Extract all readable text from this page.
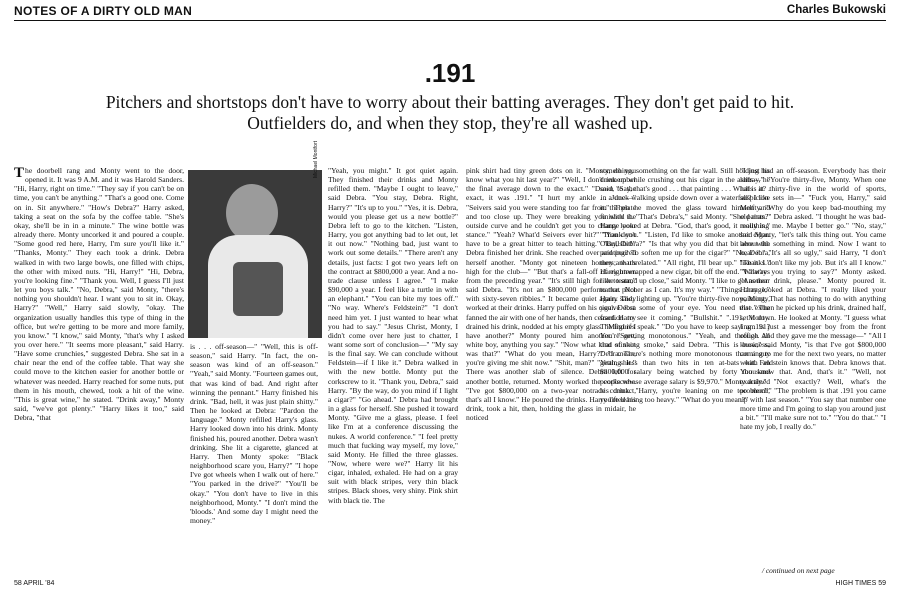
NOTES OF A DIRTY OLD MAN	Charles Bukowski
.191
Pitchers and shortstops don't have to worry about their batting averages. They don't get paid to hit. Outfielders do, and when they stop, they're all washed up.
The doorbell rang and Monty went to the door, opened it. It was 9 A.M. and it was Harold Sanders. "Hi, Harry, right on time." "They say if you can't be on time, you can't be anything." "That's a good one. Come on in. Sit anywhere." "How's Debra?" Harry asked, taking a seat on the sofa by the coffee table. "She's okay, she'll be in in a minute." The wine bottle was already there. Monty uncorked it and poured a couple. "Some good red here, Harry, I'm sure you'll like it." "Thanks, Monty." They each took a drink. Debra walked in with two large bowls, one filled with chips, the other with mixed nuts. "Hi, Harry!" "Hi, Debra, you're looking fine." "Thank you. Well, I guess I'll just let you boys talk." "No, Debra," said Monty, "there's nothing you shouldn't hear. I want you to sit in. Okay, Harry?" "Well," Harry said slowly, "okay. The organization usually handles this type of thing in the office, but we're getting to be more and more family, you know." "I know," said Monty, "that's why I asked you over here." "It seems more pleasant," said Harry. "Have some crunchies," suggested Debra. She sat in a chair near the end of the coffee table. That way she could move to the kitchen easier for another bottle or whatever was needed. Harry reached for some nuts, put them in his mouth, chewed, took a hit of the wine. "This is great wine," he stated. "Drink away," Monty said, "we've got plenty." "Harry likes it too," said Debra, "that
Michael Montfort
is . . . off-season—" "Well, this is off-season," said Harry. "In fact, the on-season was kind of an off-season." "Yeah," said Monty. "Fourteen games out, that was kind of bad. And right after winning the pennant." Harry finished his drink. "Bad, hell, it was just plain shitty." Then he looked at Debra: "Pardon the language." Monty refilled Harry's glass. Harry looked down into his drink. Monty finished his, poured another. Debra wasn't drinking. She lit a cigarette, glanced at Harry. Then Monty spoke: "Black neighborhood scare you, Harry?" "I hope I've got wheels when I walk out of here." "You parked in the drive?" "You'll be okay." "You don't have to live in this neighborhood, Monty." "I don't mind the 'bloods.' And some day I might need the money."
"Yeah, you might." It got quiet again. They finished their drinks and Monty refilled them. "Maybe I ought to leave," said Debra. "You stay, Debra. Right, Harry?" "It's up to you." "Yes, it is. Debra, would you please get us a new bottle?" Debra left to go to the kitchen. "Listen, Harry, you got anything bad to let out, let it out now." "Nothing bad, just want to work out some details." "There aren't any details, just facts: I got two years left on the contract at $800,000 a year. And a no-trade clause unless I agree." "I make $90,000 a year. I feel like a turtle in with an elephant." "You can bite my toes off." "No way. Where's Feldstein?" "I don't need him yet. I just wanted to hear what you had to say." "Jesus Christ, Monty, I didn't come over here just to chatter, I want some sort of conclusion—" "My say is the final say. We can conclude without Feldstein—if I like it." Debra walked in with the new bottle. Monty put the corkscrew to it. "Thank you, Debra," said Harry. "By the way, do you mind if I light a cigar?" "Go ahead." Debra had brought in a glass for herself. She pushed it toward Monty. "Give me a glass, please. I feel like I'm at a conference discussing the nukes. A world conference." "I feel pretty much that fucking way myself, my love," said Monty. He filled the three glasses. "Now, where were we?" Harry lit his cigar, inhaled, exhaled. He had on a gray suit with black stripes, very thin black stripes. Black shoes, very shiny. Pink shirt with black tie. The
pink shirt had tiny green dots on it. "Monty, do you know what you hit last year?" "Well, I don't remember the final average down to the exact." "Down to the exact, it was .191." "I hurt my ankle in June—" "Seivers said you were standing too far from the plate and too close up. They were breaking you with the outside curve and he couldn't get you to change your stance." "Yeah? What'd Seivers ever hit?" "You don't have to be a great hitter to teach hitting." "Bullshit!" Debra finished her drink. She reached over and poured herself another. "Monty got nineteen homers; that's high for the club—" "But that's a fall-off of eighteen from the preceding year." "It's still high for the team," said Debra. "It's not an $800,000 performance. Not with sixty-seven ribbies." It became quiet again. They worked at their drinks. Harry puffed on his cigar. Debra fanned the air with one of her hands, then ceased. Harry drained his drink, nodded at his empty glass. "Mind if I have another?" Monty poured him another. "Sure, white boy, anything you say." "Now what kind of shot was that?" "What do you mean, Harry?" "I mean, you're giving me shit now." "Shit, man?" "Yeah, shit." There was another slab of silence. Debra left for another bottle, returned. Monty worked the corkscrew. "I've got $800,000 on a two-year notrade contract, that's all I know." He poured the drinks. Harry lifted his drink, took a hit, then, holding the glass in midair, he noticed
something, something on the far wall. Still holding his drink up while crushing out his cigar in the ashtray, he said, "Say, that's good . . . that painting . . . What is it? . . . a duck walking upside down over a waterfall? I like it." Then he moved the glass toward himself and finished it. "That's Debra's," said Monty. "She paints." Harry looked at Debra. "God, that's good, it really is." "Thank you." "Listen, I'd like to smoke another cigar. Okay, Debra?" "Is that why you did that bit about the painting? To soften me up for the cigar?" "No, Debra, they are unrelated." "All right, I'll bear up." "Thanks." Harry unwrapped a new cigar, bit off the end. "I always like to stand up close," said Monty. "I like to get as near to that pitcher as I can. It's my way." "Things change," Harry said, lighting up. "You're thirty-five now, Monty, you've lost some of your eye. You need that extra fraction to see it coming." "Bullshit." ".191, Monty. The figures speak." "Do you have to keep saying .191? You're getting monotonous." "Yeah, and through all that stinking smoke," said Debra. "This is business, Debra. There's nothing more monotonous than a guy getting less than two hits in ten at-bats with an $800,000 salary being watched by forty thousand people whose average salary is $9,970." Monty drained his drink. "Harry, you're leaning on me too much, you're leaning too heavy." "What do you mean?"
"I just had an off-season. Everybody has their lulls—" "You're thirty-five, Monty. When one lulls at thirty-five in the world of sports, suspicion sets in—" "Fuck you, Harry," said Monty. "Why do you keep bad-mouthing my old man?" Debra asked. "I thought he was bad-mouthing me. Maybe I better go." "No, stay," said Monty, "let's talk this thing out. You came here with something in mind. Now I want to hear it." "It's all so ugly," said Harry, "I don't like it. I don't like my job. But it's all I know." "What're you trying to say?" Monty asked. "Another drink, please." Monty poured it. Harry looked at Debra. "I really liked your painting. That has nothing to do with anything else." Then he picked up his drink, drained half, set it down. He looked at Monty. "I guess what I am is just a messenger boy from the front office. And they gave me the message—" "All I know," said Monty, "is that I've got $800,000 coming to me for the next two years, no matter what. Feldstein knows that. Debra knows that. You know that. And, that's it." "Well, not exactly." "Not exactly? Well, what's the problem?" "The problem is that .191 you came up with last season." "You say that number one more time and I'm going to slap you around just a bit." "I'll make sure not to." "You do that." "I hate my job, I really do."
/ continued on next page
58 APRIL '84	HIGH TIMES 59
